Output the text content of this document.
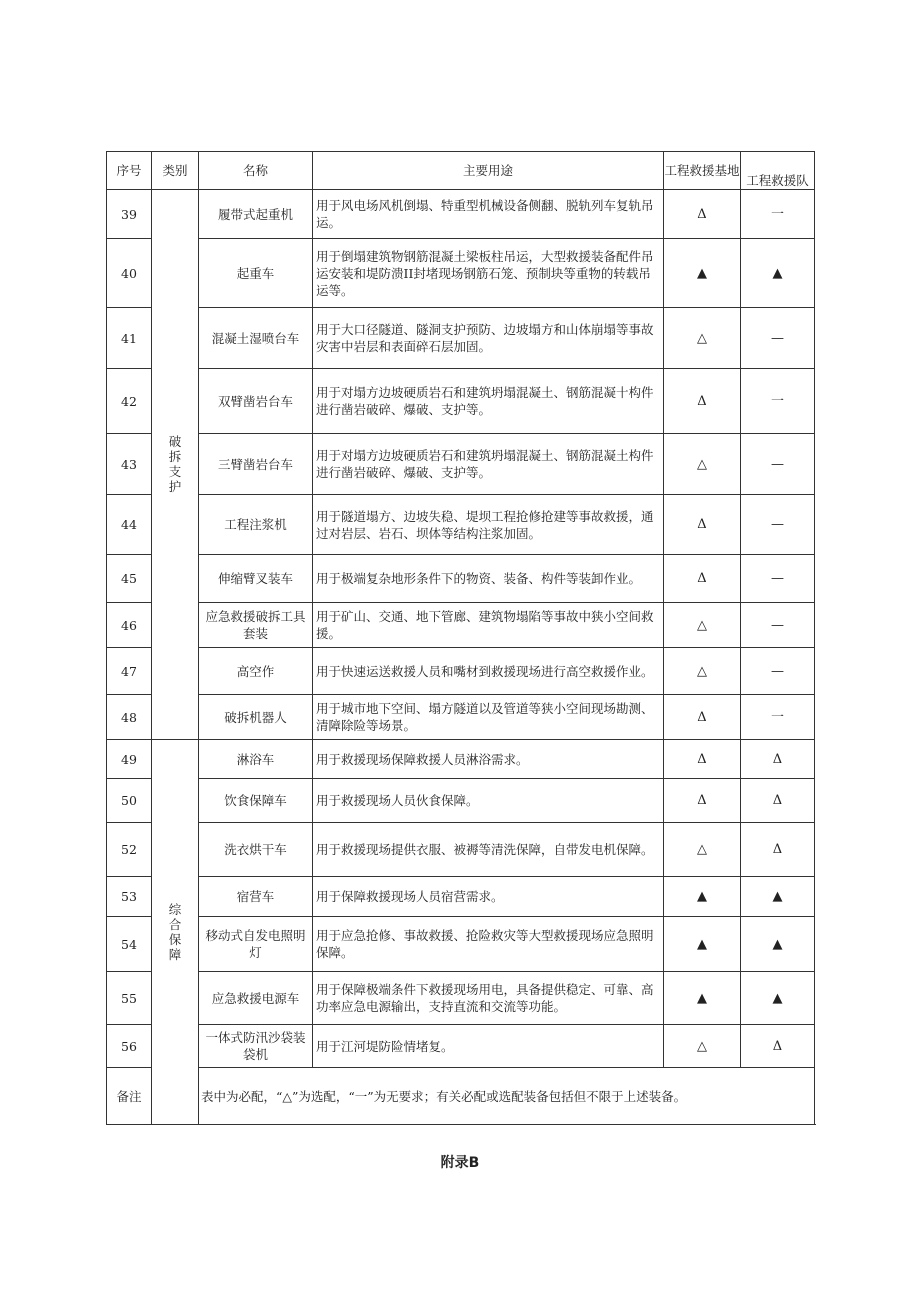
序号	类别	名称	主要用途	工程救援基地	工程救援队
39	破拆支护	履带式起重机	用于风电场风机倒塌、特重型机械设备侧翻、脱轨列车复轨吊运。	Δ	一
40		起重车	用于倒塌建筑物钢筋混凝土梁板柱吊运，大型救援装备配件吊运安装和堤防溃II封堵现场钢筋石笼、预制块等重物的转载吊运等。	▲	▲
41		混凝土湿喷台车	用于大口径隧道、隧洞支护预防、边坡塌方和山体崩塌等事故灾害中岩层和表面碎石层加固。	△	—
42		双臂凿岩台车	用于对塌方边坡硬质岩石和建筑坍塌混凝土、钢筋混凝十构件进行凿岩破碎、爆破、支护等。	Δ	一
43		三臂凿岩台车	用于对塌方边坡硬质岩石和建筑坍塌混凝土、钢筋混凝土构件进行凿岩破碎、爆破、支护等。	△	—
44		工程注浆机	用于隧道塌方、边坡失稳、堤坝工程抢修抢建等事故救援，通过对岩层、岩石、坝体等结构注浆加固。	Δ	—
45		伸缩臂叉装车	用于极端复杂地形条件下的物资、装备、构件等装卸作业。	Δ	—
46		应急救援破拆工具套装	用于矿山、交通、地下管廊、建筑物塌陷等事故中狭小空间救援。	△	—
47		高空作	用于快速运送救援人员和嘴材到救援现场进行高空救援作业。	△	—
48		破拆机器人	用于城市地下空间、塌方隧道以及管道等狭小空间现场勘测、清障除险等场景。	Δ	一
49	综合保障	淋浴车	用于救援现场保障救援人员淋浴需求。	Δ	Δ
50		饮食保障车	用于救援现场人员伙食保障。	Δ	Δ
52		洗衣烘干车	用于救援现场提供衣服、被褥等清洗保障，自带发电机保障。	△	Δ
53		宿营车	用于保障救援现场人员宿营需求。	▲	▲
54		移动式自发电照明灯	用于应急抢修、事故救援、抢险救灾等大型救援现场应急照明保障。	▲	▲
55		应急救援电源车	用于保障极端条件下救援现场用电，具备提供稳定、可靠、高功率应急电源输出，支持直流和交流等功能。	▲	▲
56		一体式防汛沙袋装袋机	用于江河堤防险情堵复。	△	Δ
备注		表中为必配，“△”为选配，“一”为无要求；有关必配或选配装备包括但不限于上述装备。			
附录B
